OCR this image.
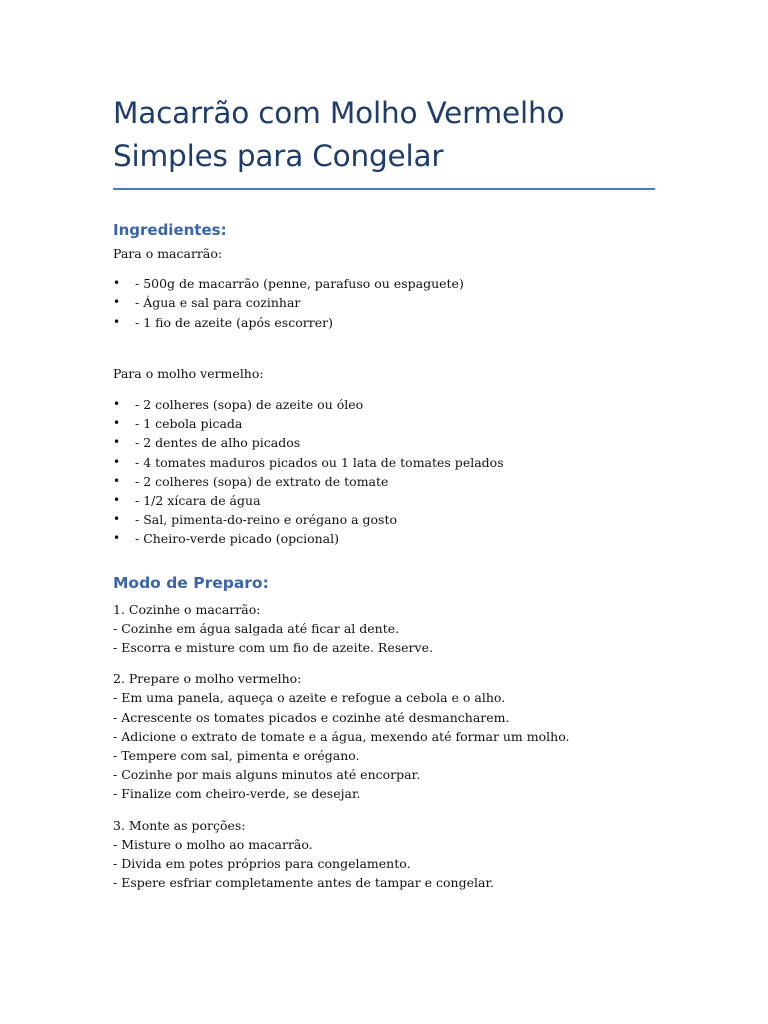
Macarrão com Molho Vermelho
Simples para Congelar
Ingredientes:

Para o macarrão:

• - 500g de macarrão (penne, parafuso ou espaguete)
• - Água e sal para cozinhar
• - 1 fio de azeite (após escorrer)

Para o molho vermelho:

• - 2 colheres (sopa) de azeite ou óleo
• - 1 cebola picada
• - 2 dentes de alho picados
• - 4 tomates maduros picados ou 1 lata de tomates pelados
• - 2 colheres (sopa) de extrato de tomate
• - 1/2 xícara de água
• - Sal, pimenta-do-reino e orégano a gosto
• - Cheiro-verde picado (opcional)
Modo de Preparo:

1. Cozinhe o macarrão:

- Cozinhe em água salgada até ficar al dente.

- Escorra e misture com um fio de azeite. Reserve.

2. Prepare o molho vermelho:

- Em uma panela, aqueça o azeite e refogue a cebola e o alho.

- Acrescente os tomates picados e cozinhe até desmancharem.

- Adicione o extrato de tomate e a água, mexendo até formar um molho.

- Tempere com sal, pimenta e orégano.

- Cozinhe por mais alguns minutos até encorpar.

- Finalize com cheiro-verde, se desejar.

3. Monte as porções:

- Misture o molho ao macarrão.

- Divida em potes próprios para congelamento.

- Espere esfriar completamente antes de tampar e congelar.
